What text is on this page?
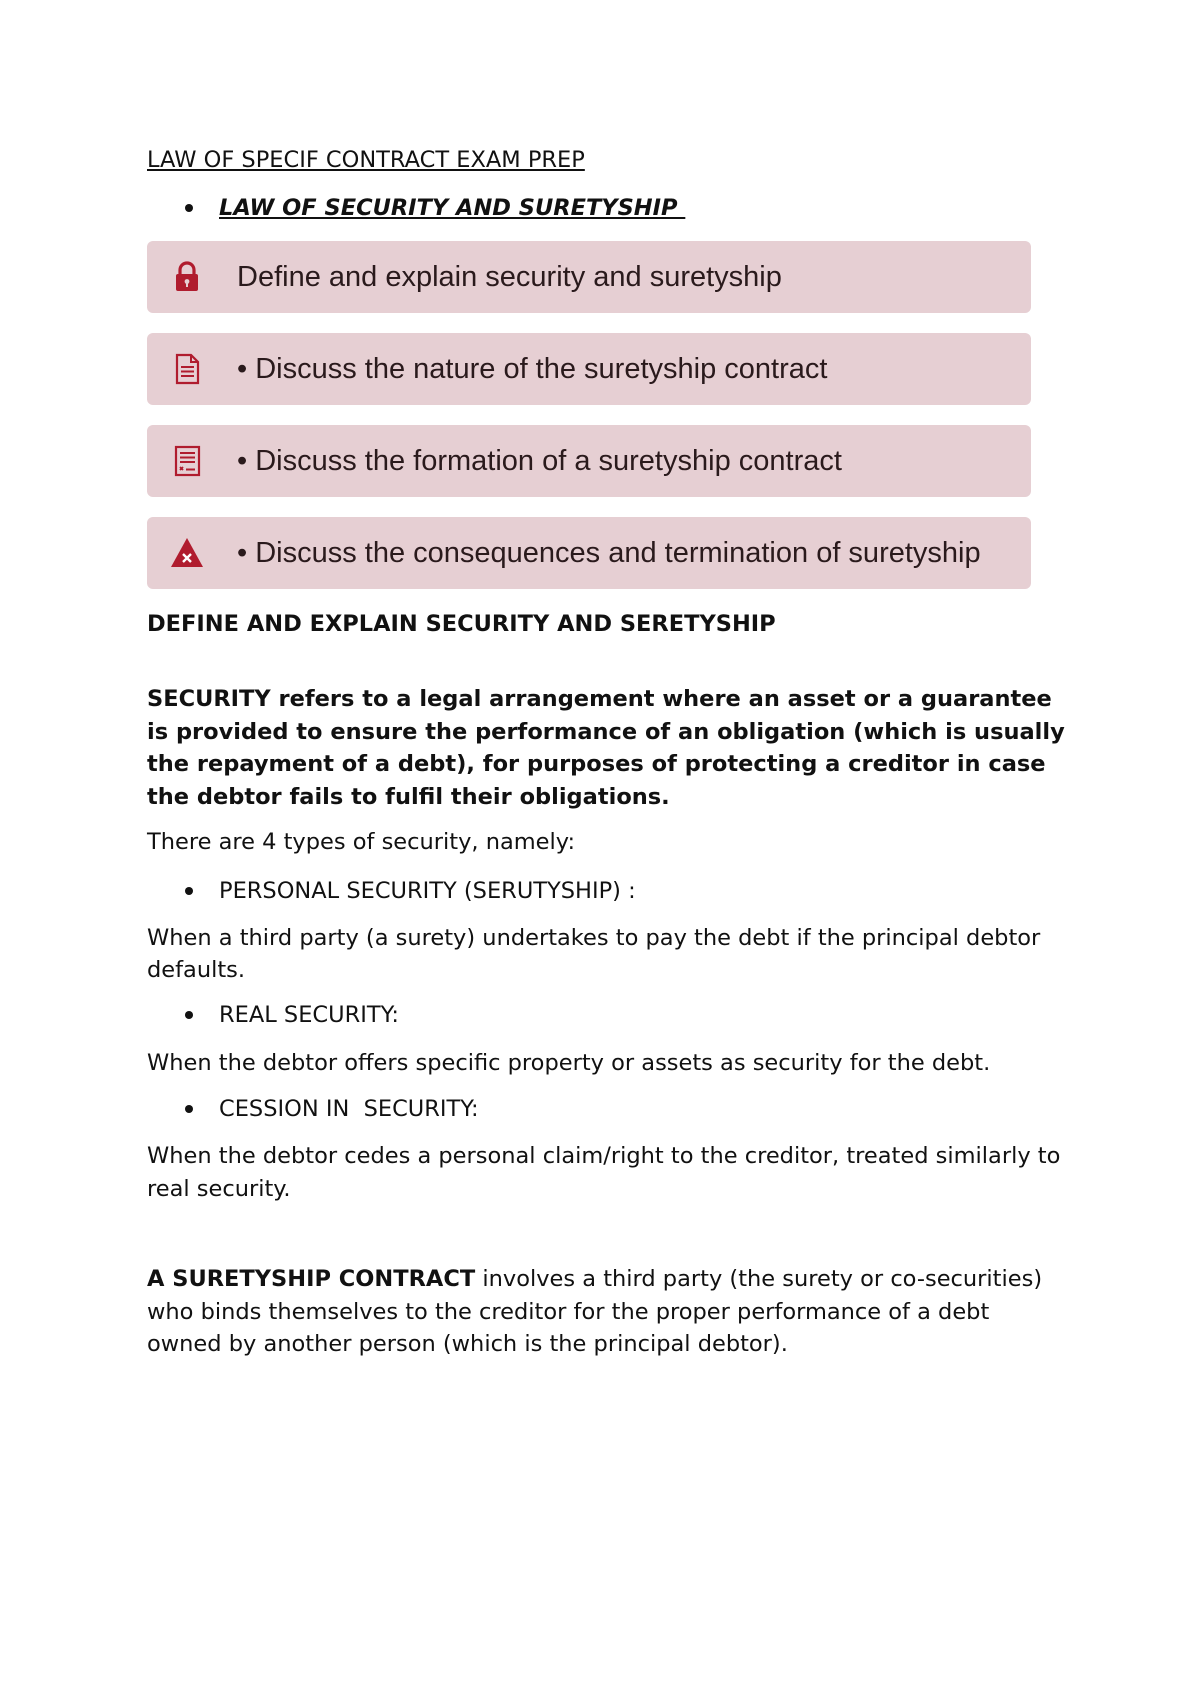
LAW OF SPECIF CONTRACT EXAM PREP
LAW OF SECURITY AND SURETYSHIP
Define and explain security and suretyship
• Discuss the nature of the suretyship contract
• Discuss the formation of a suretyship contract
• Discuss the consequences and termination of suretyship
DEFINE AND EXPLAIN SECURITY AND SERETYSHIP

SECURITY refers to a legal arrangement where an asset or a guarantee is provided to ensure the performance of an obligation (which is usually the repayment of a debt), for purposes of protecting a creditor in case the debtor fails to fulfil their obligations.

There are 4 types of security, namely:

PERSONAL SECURITY (SERUTYSHIP) :

When a third party (a surety) undertakes to pay the debt if the principal debtor defaults.

REAL SECURITY:

When the debtor offers specific property or assets as security for the debt.

CESSION IN  SECURITY:

When the debtor cedes a personal claim/right to the creditor, treated similarly to real security.

A SURETYSHIP CONTRACT involves a third party (the surety or co-securities) who binds themselves to the creditor for the proper performance of a debt owned by another person (which is the principal debtor).
